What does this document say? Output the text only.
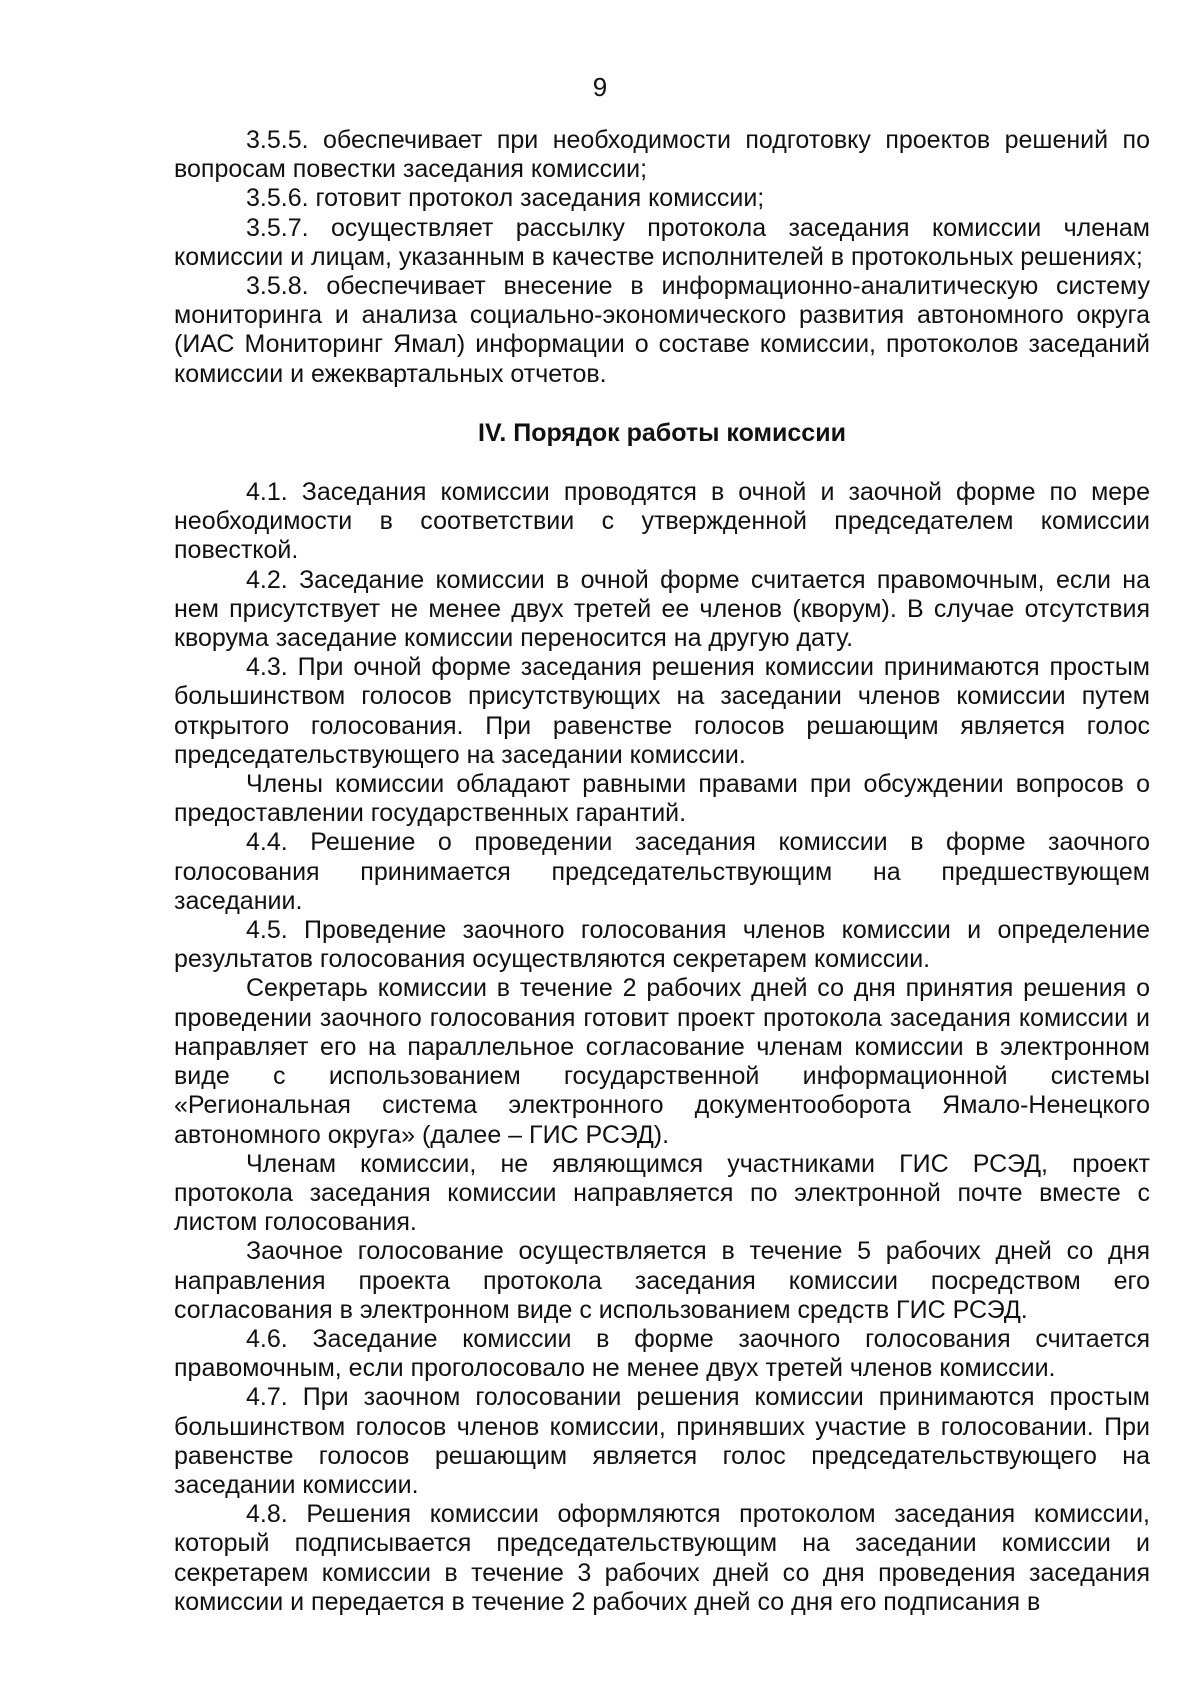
9

3.5.5. обеспечивает при необходимости подготовку проектов решений по вопросам повестки заседания комиссии;

3.5.6. готовит протокол заседания комиссии;

3.5.7. осуществляет рассылку протокола заседания комиссии членам комиссии и лицам, указанным в качестве исполнителей в протокольных решениях;

3.5.8. обеспечивает внесение в информационно-аналитическую систему мониторинга и анализа социально-экономического развития автономного округа (ИАС Мониторинг Ямал) информации о составе комиссии, протоколов заседаний комиссии и ежеквартальных отчетов.

IV. Порядок работы комиссии

4.1. Заседания комиссии проводятся в очной и заочной форме по мере необходимости в соответствии с утвержденной председателем комиссии повесткой.

4.2. Заседание комиссии в очной форме считается правомочным, если на нем присутствует не менее двух третей ее членов (кворум). В случае отсутствия кворума заседание комиссии переносится на другую дату.

4.3. При очной форме заседания решения комиссии принимаются простым большинством голосов присутствующих на заседании членов комиссии путем открытого голосования. При равенстве голосов решающим является голос председательствующего на заседании комиссии.

Члены комиссии обладают равными правами при обсуждении вопросов о предоставлении государственных гарантий.

4.4. Решение о проведении заседания комиссии в форме заочного голосования принимается председательствующим на предшествующем заседании.

4.5. Проведение заочного голосования членов комиссии и определение результатов голосования осуществляются секретарем комиссии.

Секретарь комиссии в течение 2 рабочих дней со дня принятия решения о проведении заочного голосования готовит проект протокола заседания комиссии и направляет его на параллельное согласование членам комиссии в электронном виде с использованием государственной информационной системы «Региональная система электронного документооборота Ямало-Ненецкого автономного округа» (далее – ГИС РСЭД).

Членам комиссии, не являющимся участниками ГИС РСЭД, проект протокола заседания комиссии направляется по электронной почте вместе с листом голосования.

Заочное голосование осуществляется в течение 5 рабочих дней со дня направления проекта протокола заседания комиссии посредством его согласования в электронном виде с использованием средств ГИС РСЭД.

4.6. Заседание комиссии в форме заочного голосования считается правомочным, если проголосовало не менее двух третей членов комиссии.

4.7. При заочном голосовании решения комиссии принимаются простым большинством голосов членов комиссии, принявших участие в голосовании. При равенстве голосов решающим является голос председательствующего на заседании комиссии.

4.8. Решения комиссии оформляются протоколом заседания комиссии, который подписывается председательствующим на заседании комиссии и секретарем комиссии в течение 3 рабочих дней со дня проведения заседания комиссии и передается в течение 2 рабочих дней со дня его подписания в
